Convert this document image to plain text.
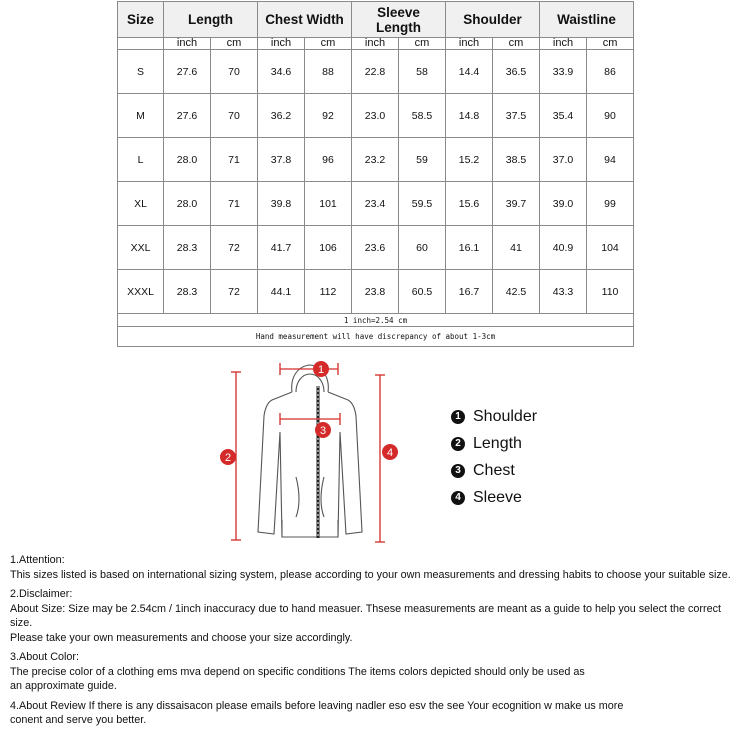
Size	Length		Chest Width		Sleeve Length		Shoulder		Waistline	
	inch	cm	inch	cm	inch	cm	inch	cm	inch	cm
S	27.6	70	34.6	88	22.8	58	14.4	36.5	33.9	86
M	27.6	70	36.2	92	23.0	58.5	14.8	37.5	35.4	90
L	28.0	71	37.8	96	23.2	59	15.2	38.5	37.0	94
XL	28.0	71	39.8	101	23.4	59.5	15.6	39.7	39.0	99
XXL	28.3	72	41.7	106	23.6	60	16.1	41	40.9	104
XXXL	28.3	72	44.1	112	23.8	60.5	16.7	42.5	43.3	110
1 inch=2.54 cm										
Hand measurement will have discrepancy of about 1-3cm										
1
2
3
4
1 Shoulder
2 Length
3 Chest
4 Sleeve

1.Attention:

This sizes listed is based on international sizing system, please according to your own measurements and dressing habits to choose your suitable size.

2.Disclaimer:

About Size: Size may be 2.54cm / 1inch inaccuracy due to hand measuer. Thsese measurements are meant as a guide to help you select the correct size.

Please take your own measurements and choose your size accordingly.

3.About Color:

The precise color of a clothing ems mva depend on specific conditions The items colors depicted should only be used as

an approximate guide.

4.About Review If there is any dissaisacon please emails before leaving nadler eso esv the see Your ecognition w make us more

conent and serve you better.
